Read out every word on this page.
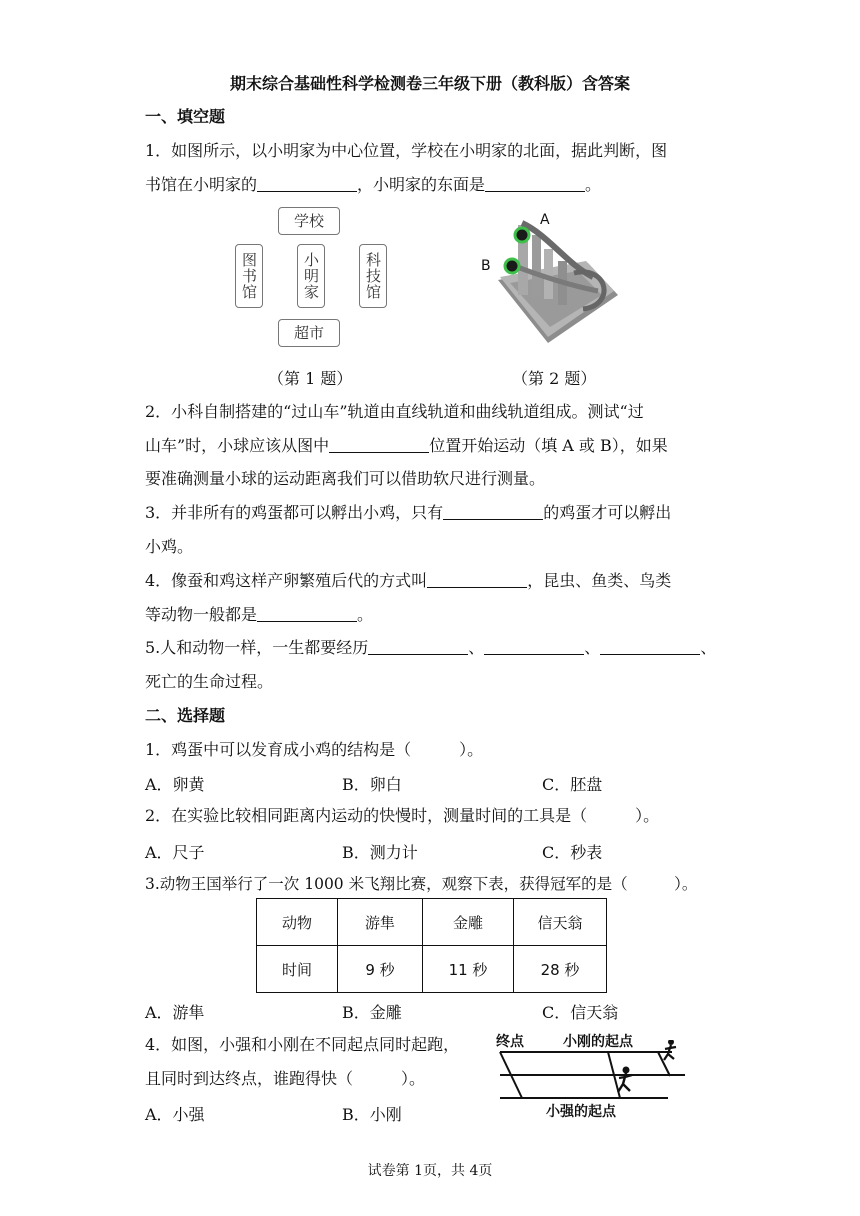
期末综合基础性科学检测卷三年级下册（教科版）含答案
一、填空题
1．如图所示，以小明家为中心位置，学校在小明家的北面，据此判断，图
书馆在小明家的	，小明家的东面是	。
学校
图书馆	小明家	科技馆
超市
A
B
（第 1 题）	（第 2 题）
2．小科自制搭建的“过山车”轨道由直线轨道和曲线轨道组成。测试“过
山车”时，小球应该从图中	位置开始运动（填 A 或 B），如果
要准确测量小球的运动距离我们可以借助软尺进行测量。
3．并非所有的鸡蛋都可以孵出小鸡，只有	的鸡蛋才可以孵出
小鸡。
4．像蚕和鸡这样产卵繁殖后代的方式叫	，昆虫、鱼类、鸟类
等动物一般都是	。
5.人和动物一样，一生都要经历	、	、	、
死亡的生命过程。
二、选择题
1．鸡蛋中可以发育成小鸡的结构是（　　　）。
A．卵黄	B．卵白	C．胚盘
2．在实验比较相同距离内运动的快慢时，测量时间的工具是（　　　）。
A．尺子	B．测力计	C．秒表
3.动物王国举行了一次 1000 米飞翔比赛，观察下表，获得冠军的是（　　　）。
动物	游隼	金雕	信天翁
时间	9 秒	11 秒	28 秒
A．游隼	B．金雕	C．信天翁
4．如图，小强和小刚在不同起点同时起跑，
且同时到达终点，谁跑得快（　　　）。
A．小强	B．小刚
终点	小刚的起点
小强的起点
试卷第 1页，共 4页
